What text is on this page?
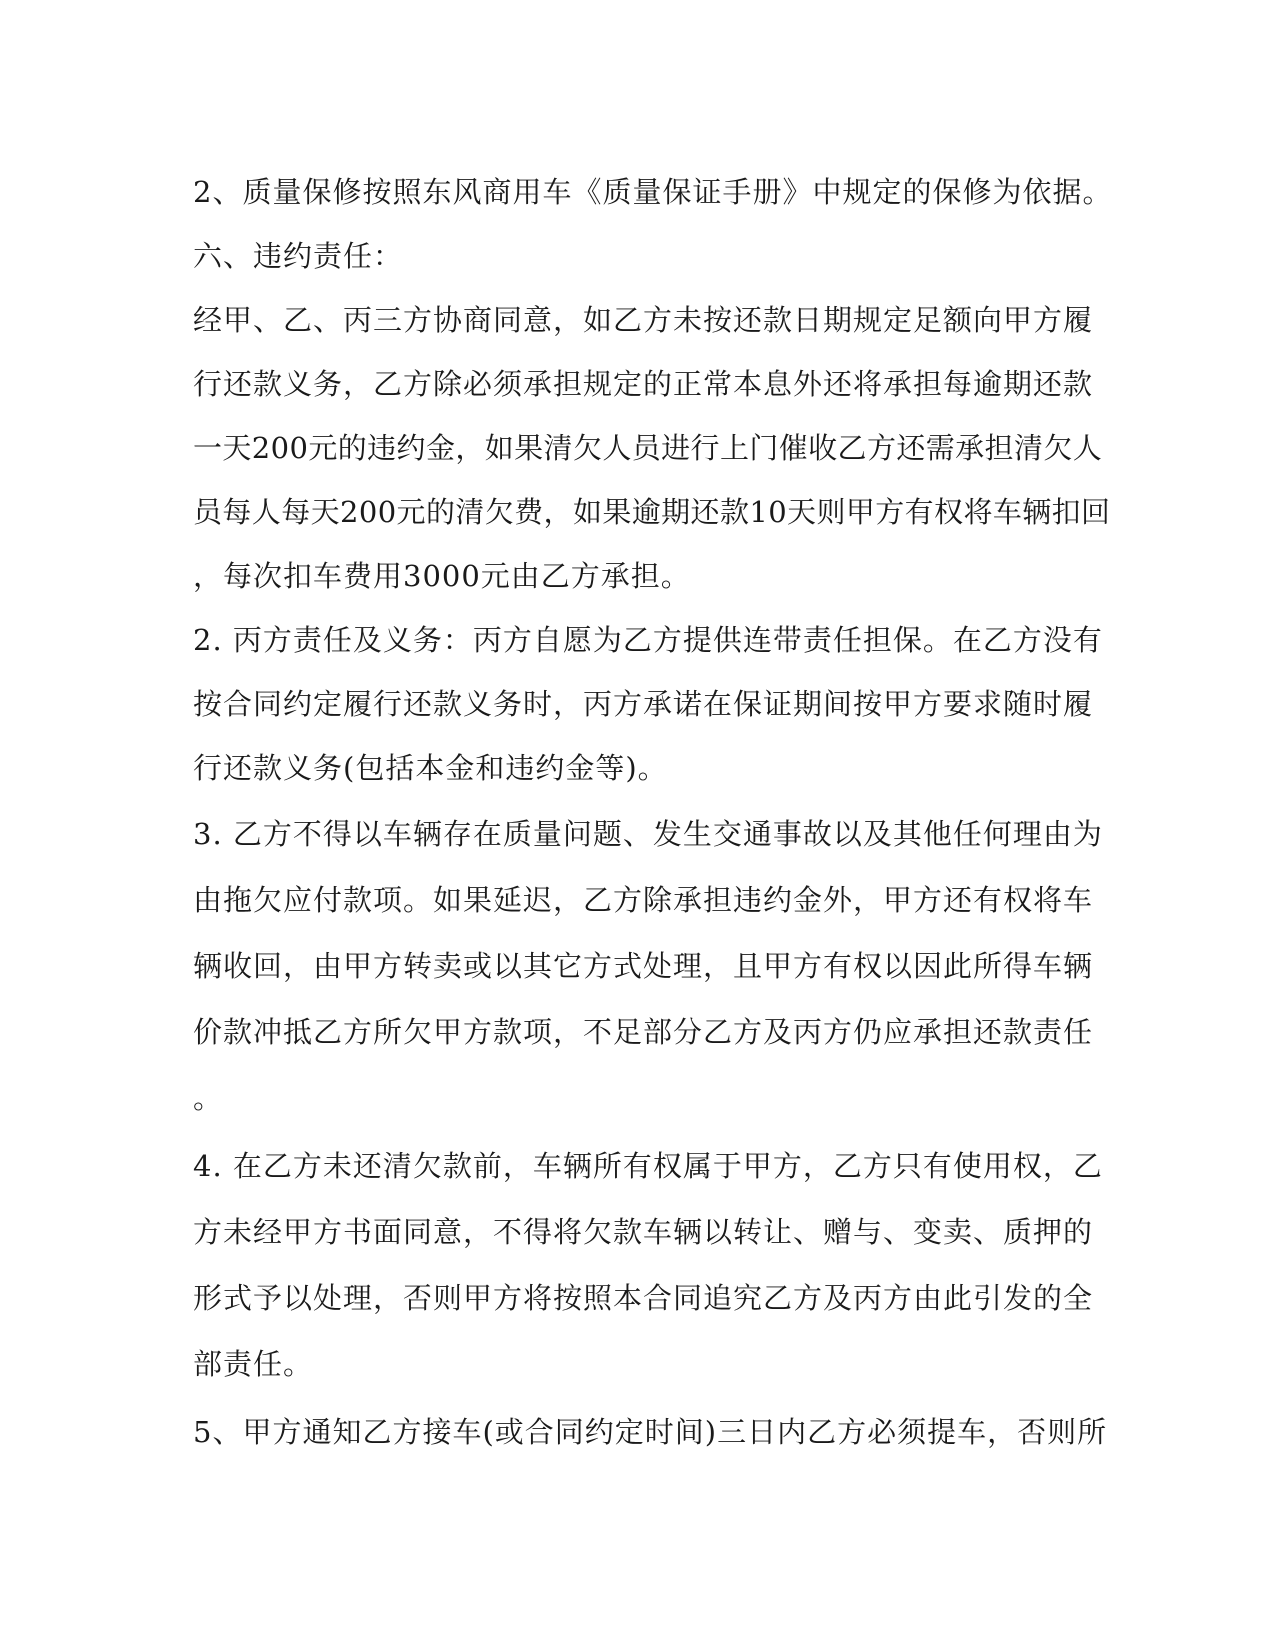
2、质量保修按照东风商用车《质量保证手册》中规定的保修为依据。
六、违约责任：
经甲、乙、丙三方协商同意，如乙方未按还款日期规定足额向甲方履
行还款义务，乙方除必须承担规定的正常本息外还将承担每逾期还款
一天200元的违约金，如果清欠人员进行上门催收乙方还需承担清欠人
员每人每天200元的清欠费，如果逾期还款10天则甲方有权将车辆扣回
，每次扣车费用3000元由乙方承担。
2. 丙方责任及义务：丙方自愿为乙方提供连带责任担保。在乙方没有
按合同约定履行还款义务时，丙方承诺在保证期间按甲方要求随时履
行还款义务(包括本金和违约金等)。
3. 乙方不得以车辆存在质量问题、发生交通事故以及其他任何理由为
由拖欠应付款项。如果延迟，乙方除承担违约金外，甲方还有权将车
辆收回，由甲方转卖或以其它方式处理，且甲方有权以因此所得车辆
价款冲抵乙方所欠甲方款项，不足部分乙方及丙方仍应承担还款责任
。
4. 在乙方未还清欠款前，车辆所有权属于甲方，乙方只有使用权，乙
方未经甲方书面同意，不得将欠款车辆以转让、赠与、变卖、质押的
形式予以处理，否则甲方将按照本合同追究乙方及丙方由此引发的全
部责任。
5、甲方通知乙方接车(或合同约定时间)三日内乙方必须提车，否则所
